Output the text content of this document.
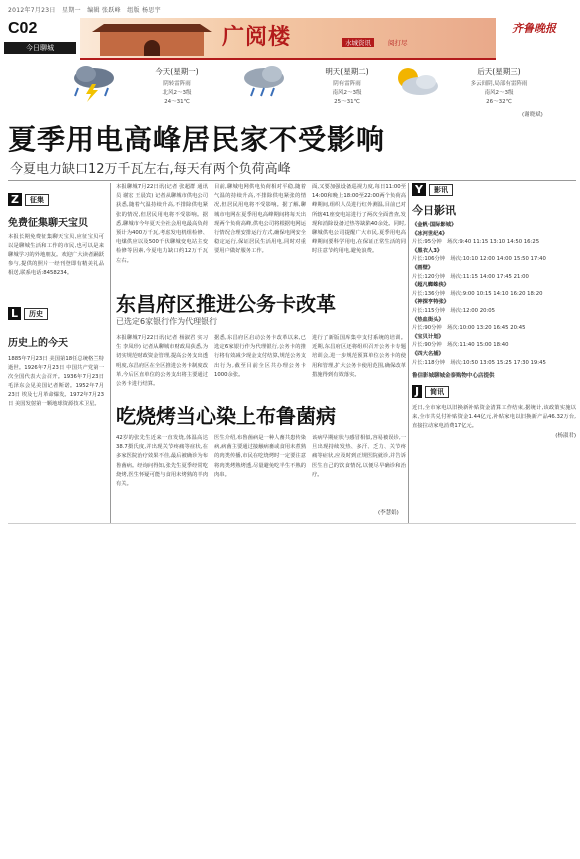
2012年7月23日　星期一　编辑 张跃峰　组版 杨思宇
C02
今日聊城	广阅楼	水城资讯	阅打尽
齐鲁晚报
今天(星期一)
阴转雷阵雨
北风2～3级
24～31℃
明天(星期二)
阴有雷阵雨
南风2～3级
25～31℃
后天(星期三)
多云间阴,局部有雷阵雨
南风2～3级
26～32℃
(谢晓斌)
夏季用电高峰居民家不受影响
今夏电力缺口12万千瓦左右,每天有两个负荷高峰
Z	征集
免费征集聊天宝贝
本报长期免费征集聊天宝贝,应征宝贝可以是聊城生活和工作的市民,也可以是来聊城学习的外地朋友。欢迎广大读者踊跃参与,提供的照片一经刊登即有精美礼品相送,联系电话:8458234。
L	历史
历史上的今天
1885年7月23日 美国第18任总统格兰特逝世。1926年7月23日 中国共产党第一次全国代表大会召开。1936年7月23日 毛泽东会见美国记者斯诺。1952年7月23日 埃及七月革命爆发。1972年7月23日 美国发射第一颗地球资源技术卫星。
本报聊城7月22日讯(记者 张超群 通讯员 谢宏 王晨宾) 记者从聊城市供电公司获悉,随着气温持续升高,不排除供电紧张的情况,但居民用电将不受影响。据悉,聊城市今年夏天全社会用电最高负荷预计为400万千瓦,考虑发电机组检修、电煤供应以及500千伏聊城变电站主变检修等因素,今夏电力缺口约12万千瓦左右。
目前,聊城电网供电负荷相对平稳,随着气温的持续升高,不排除供电紧张的情况,但居民用电将不受影响。据了解,聊城市电网在夏季用电高峰期间将每天出现两个负荷高峰,供电公司将根据电网运行情况合理安排运行方式,确保电网安全稳定运行,保证居民生活用电,同时对重要用户做好服务工作。
面,又要加强设备巡视力度,每日11:00至14:00和晚上18:00至22:00两个负荷高峰期间,组织人员进行红外测温,目前已对所辖41座变电站进行了两次全面普查,发现和消除设备过热等缺陷40余处。同时,聊城供电公司提醒广大市民,夏季用电高峰期间要科学用电,在保证正常生活的同时注意节约用电,避免浪费。
东昌府区推进公务卡改革
已选定6家银行作为代理银行
本报聊城7月22日讯(记者 杨淑君 实习生 李凤珍) 记者从聊城市财政局获悉,为切实规范财政资金管理,提高公务支出透明度,东昌府区在全区推进公务卡制度改革,今后区直单位的公务支出将主要通过公务卡进行结算。
据悉,东昌府区启动公务卡改革以来,已选定6家银行作为代理银行,公务卡的推行将有效减少现金支付结算,规范公务支出行为,截至目前全区共办理公务卡1000余张。
进行了新版国库集中支付系统的培训。近期,东昌府区还将组织召开公务卡专题培训会,进一步规范预算单位公务卡的使用和管理,扩大公务卡使用范围,确保改革措施得到有效落实。
吃烧烤当心染上布鲁菌病
42岁的张先生近来一直发烧,体温高达38.7摄氏度,并出现关节疼痛等症状,在多家医院治疗效果不佳,最后被确诊为布鲁菌病。经询问得知,张先生夏季经常吃烧烤,医生怀疑可能与食用未烤熟的羊肉有关。
医生介绍,布鲁菌病是一种人畜共患传染病,病菌主要通过接触病畜或食用未煮熟的肉类传播,市民在吃烧烤时一定要注意将肉类烤熟烤透,尽量避免吃半生不熟的肉串。
该病早期症状与感冒相似,容易被误诊,一旦出现持续发热、多汗、乏力、关节疼痛等症状,应及时到正规医院就诊,并告诉医生自己的饮食情况,以便尽早确诊和治疗。
(李慧娟)
Y	影讯
今日影讯
《金帆·国际影城》
《冰河世纪4》
片长:95分钟　场次:9:40 11:15 13:10 14:50 16:25
《黑衣人3》
片长:106分钟　场次:10:10 12:00 14:00 15:50 17:40
《画壁》
片长:120分钟　场次:11:15 14:00 17:45 21:00
《超凡蜘蛛侠》
片长:136分钟　场次:9:00 10:15 14:10 16:20 18:20
《神探亨特张》
片长:115分钟　场次:12:00 20:05
《热血街头》
片长:90分钟　场次:10:00 13:20 16:45 20:45
《宝贝计划》
片长:90分钟　场次:11:40 15:00 18:40
《四大名捕》
片长:118分钟　场次:10:50 13:05 15:25 17:30 19:45
鲁信影城聊城金泰购物中心店提供
J	简讯
近日,全市家电以旧换新补贴资金清算工作结束,据统计,该政策实施以来,全市共兑付补贴资金1.44亿元,补贴家电以旧换新产品46.32万台,直接拉动家电消费17亿元。
(杨淑君)
